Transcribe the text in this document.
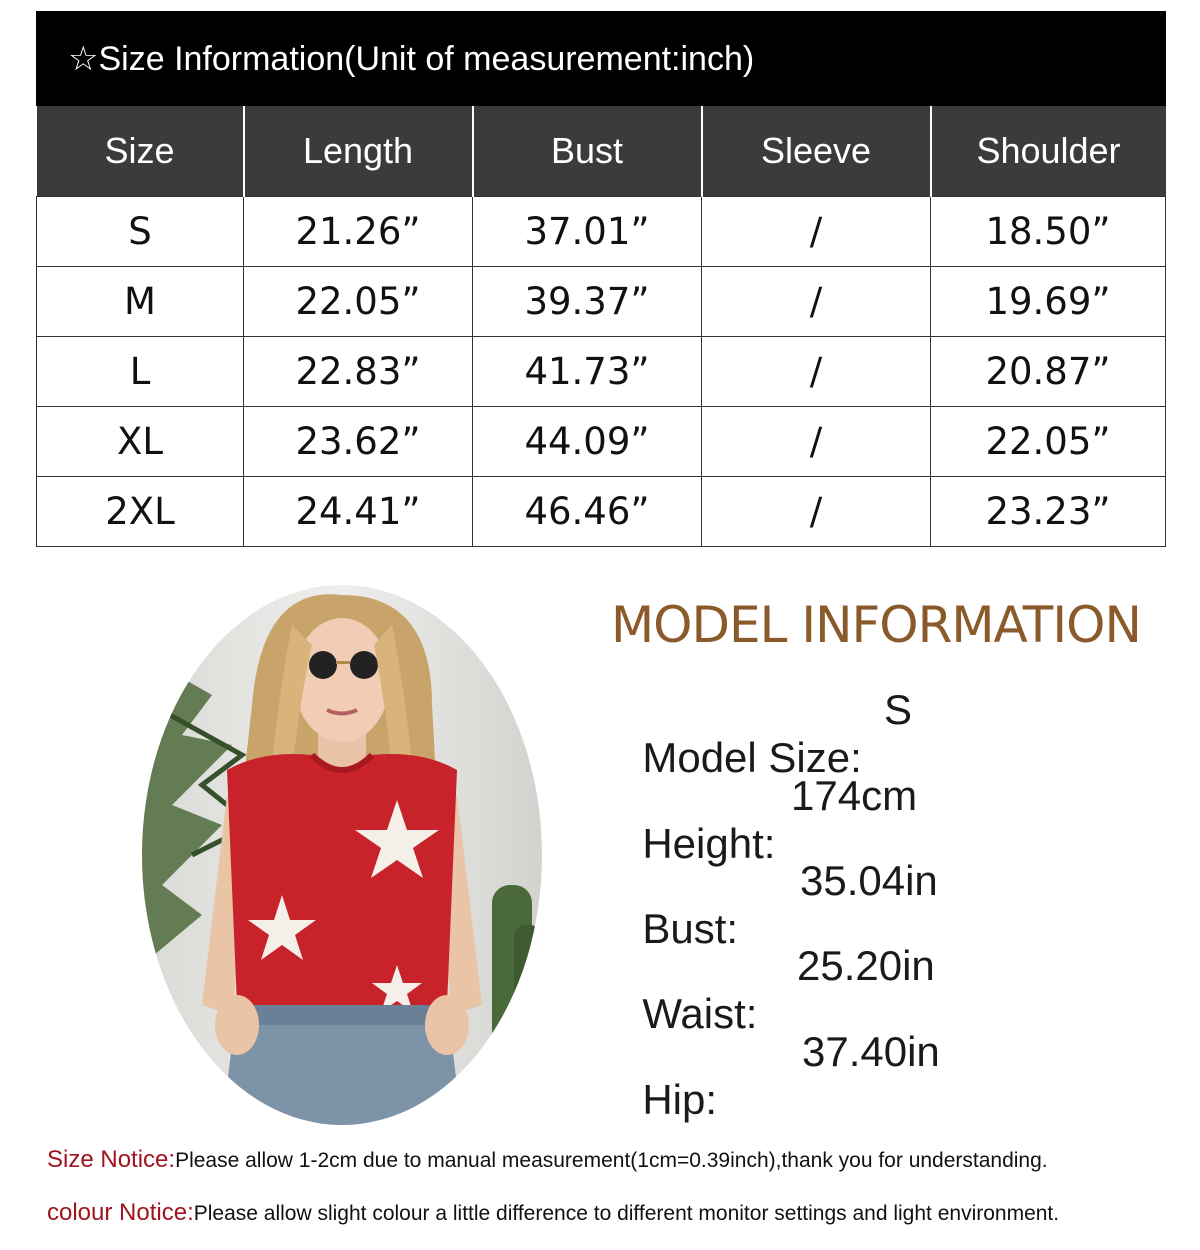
☆Size Information(Unit of measurement:inch)
Size	Length	Bust	Sleeve	Shoulder
S	21.26”	37.01”	/	18.50”
M	22.05”	39.37”	/	19.69”
L	22.83”	41.73”	/	20.87”
XL	23.62”	44.09”	/	22.05”
2XL	24.41”	46.46”	/	23.23”
MODEL INFORMATION

Model Size:

S

Height:

174cm

Bust:

35.04in

Waist:

25.20in

Hip:

37.40in

Size Notice:Please allow 1-2cm due to manual measurement(1cm=0.39inch),thank you for understanding.
colour Notice:Please allow slight colour a little difference to different monitor settings and light environment.
